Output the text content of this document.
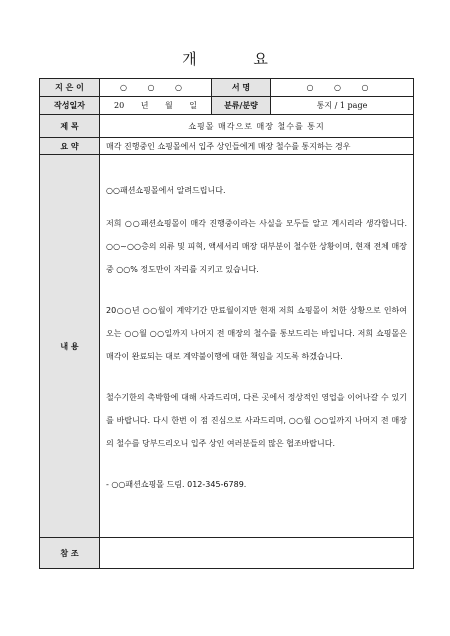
개 요
지 은 이	○ ○ ○	서 명	○ ○ ○
작성일자	20 년 월 일	분류/분량	통지 / 1 page
제 목	쇼핑몰 매각으로 매장 철수를 통지		
요 약	매각 진행중인 쇼핑몰에서 입주 상인들에게 매장 철수를 통지하는 경우		
내 용	○○패션쇼핑몰에서 알려드립니다.

저희 ○○패션쇼핑몰이 매각 진행중이라는 사실을 모두들 알고 계시리라 생각합니다. ○○~○○층의 의류 및 피혁, 액세서리 매장 대부분이 철수한 상황이며, 현재 전체 매장 중 ○○% 정도만이 자리를 지키고 있습니다.

20○○년 ○○월이 계약기간 만료월이지만 현재 저희 쇼핑몰이 처한 상황으로 인하여 오는 ○○월 ○○일까지 나머지 전 매장의 철수를 통보드리는 바입니다. 저희 쇼핑몰은 매각이 완료되는 대로 계약불이행에 대한 책임을 지도록 하겠습니다.

철수기한의 촉박함에 대해 사과드리며, 다른 곳에서 정상적인 영업을 이어나갈 수 있기를 바랍니다. 다시 한번 이 점 진심으로 사과드리며, ○○월 ○○일까지 나머지 전 매장의 철수를 당부드리오니 입주 상인 여러분들의 많은 협조바랍니다.

- ○○패션쇼핑몰 드림. 012-345-6789.		

참 조			
